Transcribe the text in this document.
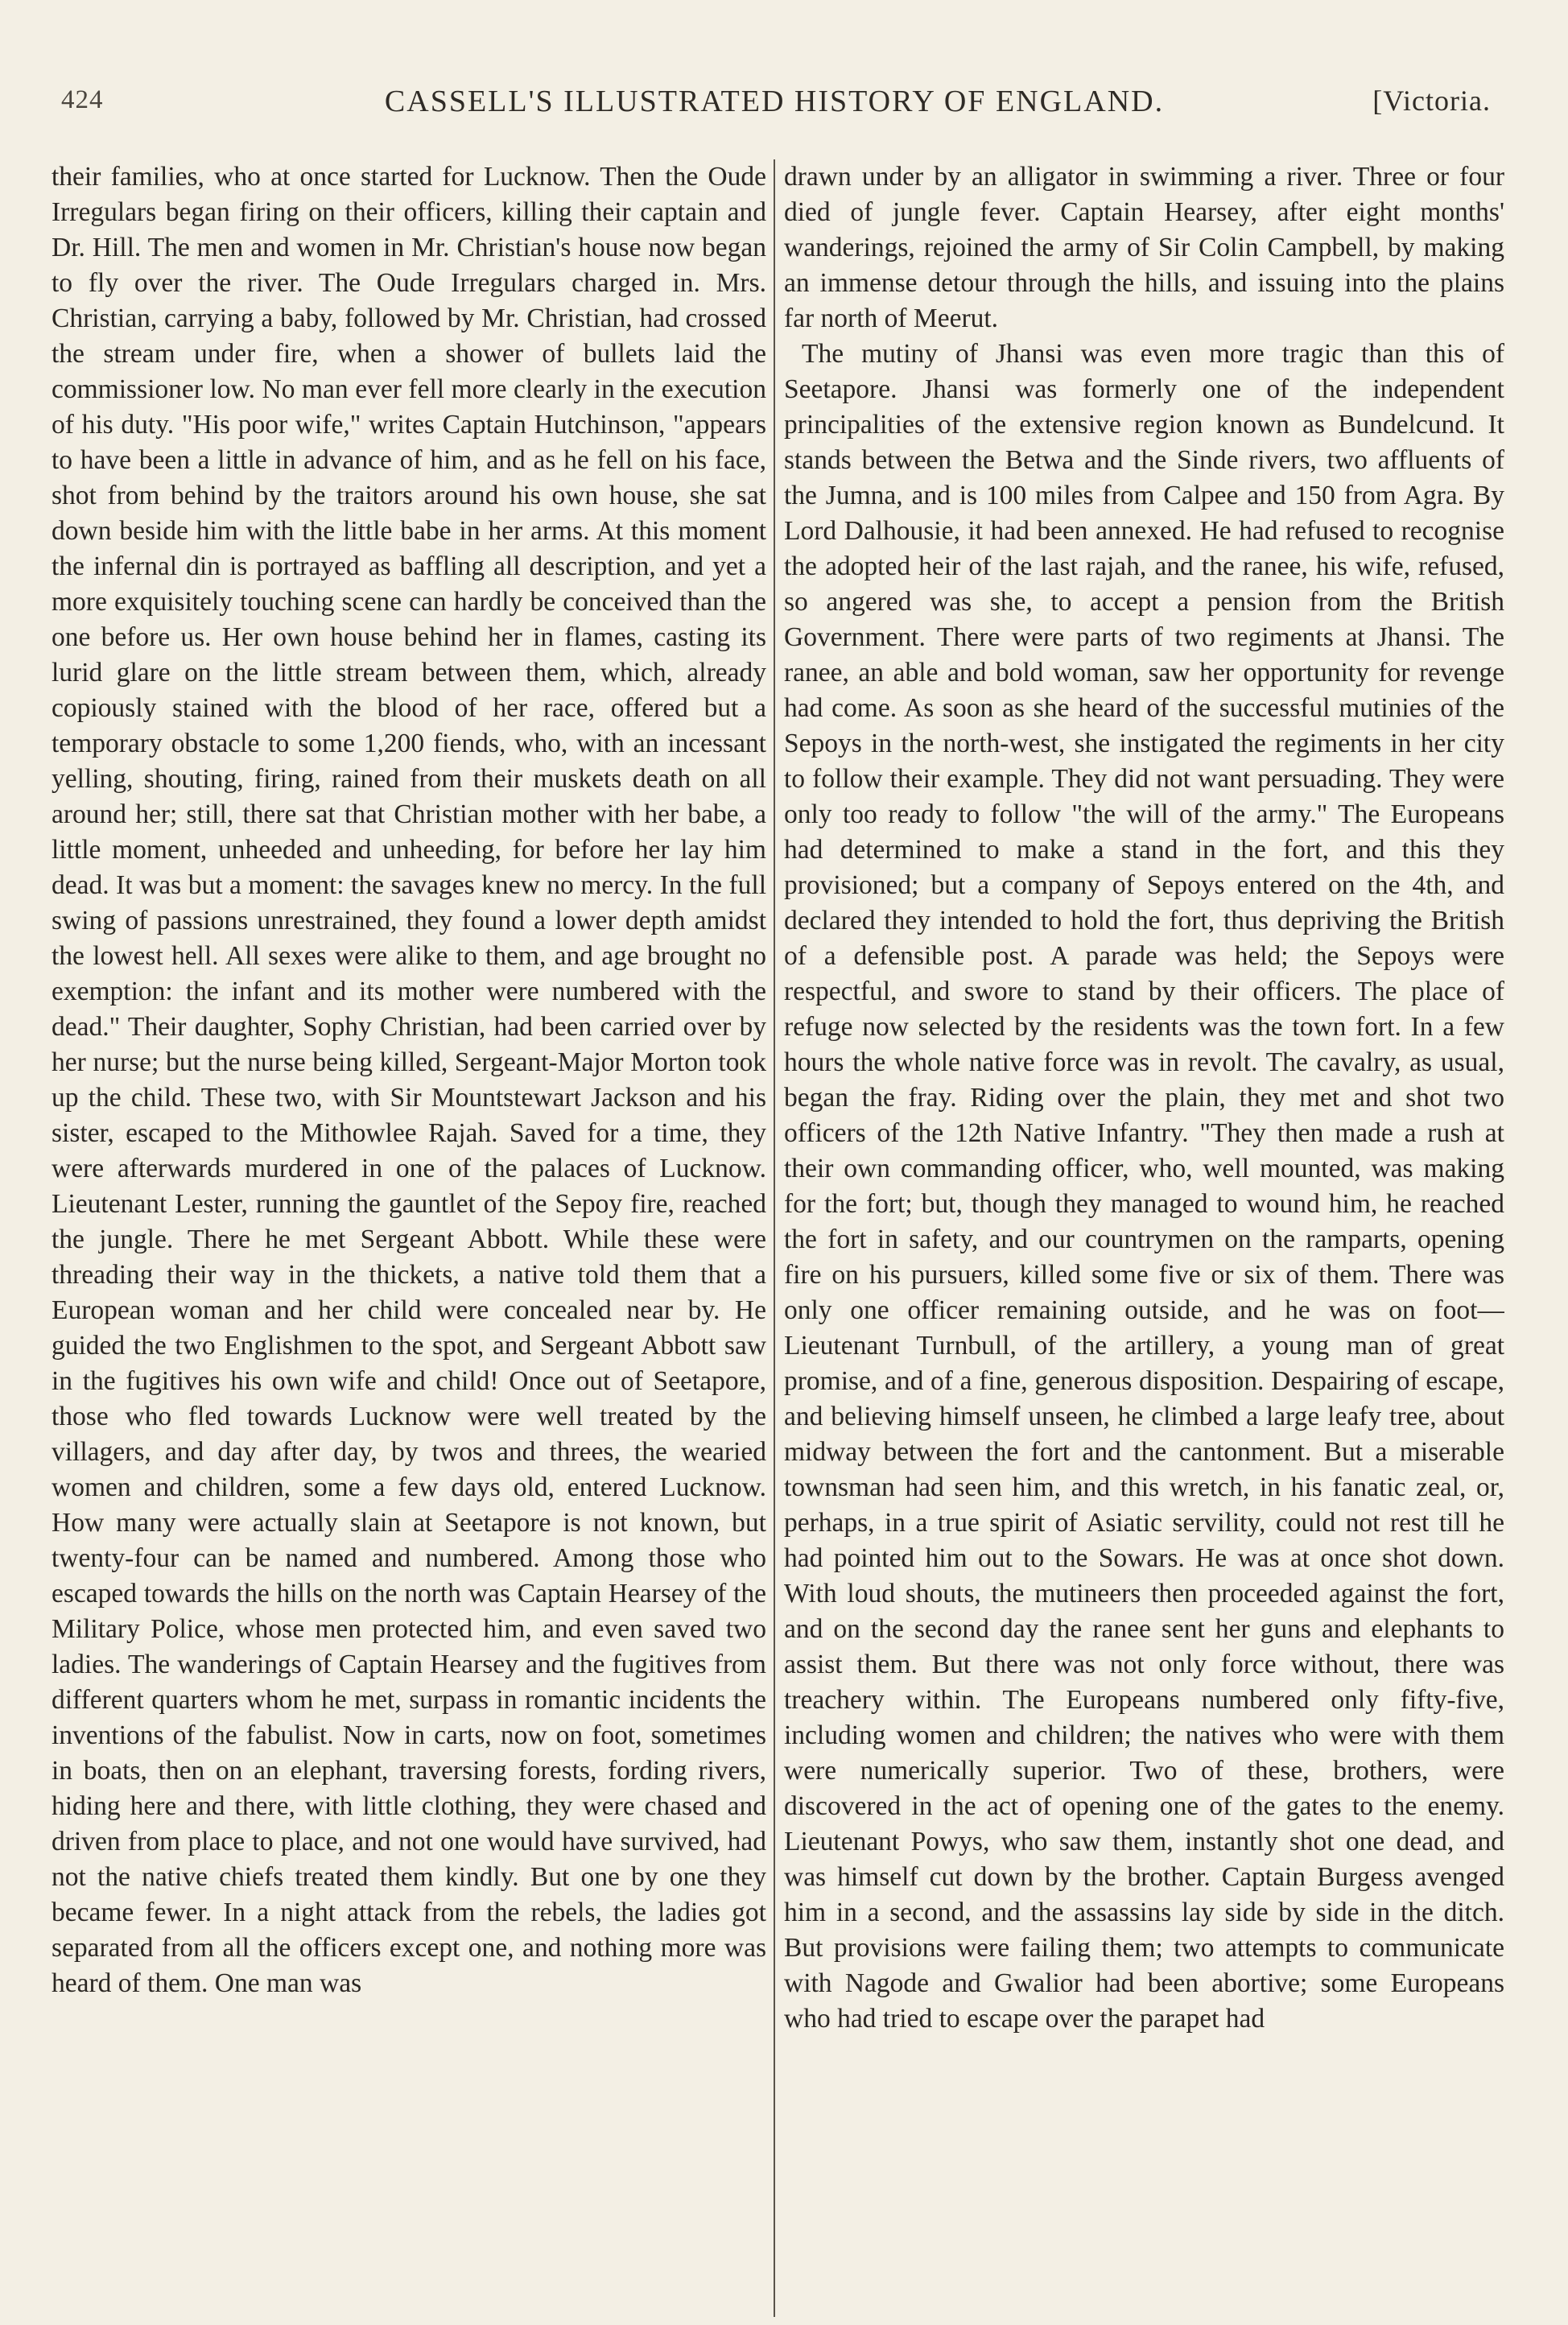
424	CASSELL'S ILLUSTRATED HISTORY OF ENGLAND.	[Victoria.

their families, who at once started for Lucknow. Then the Oude Irregulars began firing on their officers, killing their captain and Dr. Hill. The men and women in Mr. Christian's house now began to fly over the river. The Oude Irregulars charged in. Mrs. Christian, carrying a baby, followed by Mr. Christian, had crossed the stream under fire, when a shower of bullets laid the commissioner low. No man ever fell more clearly in the execution of his duty. "His poor wife," writes Captain Hutchinson, "appears to have been a little in advance of him, and as he fell on his face, shot from behind by the traitors around his own house, she sat down beside him with the little babe in her arms. At this moment the infernal din is portrayed as baffling all description, and yet a more exquisitely touching scene can hardly be conceived than the one before us. Her own house behind her in flames, casting its lurid glare on the little stream between them, which, already copiously stained with the blood of her race, offered but a temporary obstacle to some 1,200 fiends, who, with an incessant yelling, shouting, firing, rained from their muskets death on all around her; still, there sat that Christian mother with her babe, a little moment, unheeded and unheeding, for before her lay him dead. It was but a moment: the savages knew no mercy. In the full swing of passions unrestrained, they found a lower depth amidst the lowest hell. All sexes were alike to them, and age brought no exemption: the infant and its mother were numbered with the dead." Their daughter, Sophy Christian, had been carried over by her nurse; but the nurse being killed, Sergeant-Major Morton took up the child. These two, with Sir Mountstewart Jackson and his sister, escaped to the Mithowlee Rajah. Saved for a time, they were afterwards murdered in one of the palaces of Lucknow. Lieutenant Lester, running the gauntlet of the Sepoy fire, reached the jungle. There he met Sergeant Abbott. While these were threading their way in the thickets, a native told them that a European woman and her child were concealed near by. He guided the two Englishmen to the spot, and Sergeant Abbott saw in the fugitives his own wife and child! Once out of Seetapore, those who fled towards Lucknow were well treated by the villagers, and day after day, by twos and threes, the wearied women and children, some a few days old, entered Lucknow. How many were actually slain at Seetapore is not known, but twenty-four can be named and numbered. Among those who escaped towards the hills on the north was Captain Hearsey of the Military Police, whose men protected him, and even saved two ladies. The wanderings of Captain Hearsey and the fugitives from different quarters whom he met, surpass in romantic incidents the inventions of the fabulist. Now in carts, now on foot, sometimes in boats, then on an elephant, traversing forests, fording rivers, hiding here and there, with little clothing, they were chased and driven from place to place, and not one would have survived, had not the native chiefs treated them kindly. But one by one they became fewer. In a night attack from the rebels, the ladies got separated from all the officers except one, and nothing more was heard of them. One man was

drawn under by an alligator in swimming a river. Three or four died of jungle fever. Captain Hearsey, after eight months' wanderings, rejoined the army of Sir Colin Campbell, by making an immense detour through the hills, and issuing into the plains far north of Meerut.

The mutiny of Jhansi was even more tragic than this of Seetapore. Jhansi was formerly one of the independent principalities of the extensive region known as Bundelcund. It stands between the Betwa and the Sinde rivers, two affluents of the Jumna, and is 100 miles from Calpee and 150 from Agra. By Lord Dalhousie, it had been annexed. He had refused to recognise the adopted heir of the last rajah, and the ranee, his wife, refused, so angered was she, to accept a pension from the British Government. There were parts of two regiments at Jhansi. The ranee, an able and bold woman, saw her opportunity for revenge had come. As soon as she heard of the successful mutinies of the Sepoys in the north-west, she instigated the regiments in her city to follow their example. They did not want persuading. They were only too ready to follow "the will of the army." The Europeans had determined to make a stand in the fort, and this they provisioned; but a company of Sepoys entered on the 4th, and declared they intended to hold the fort, thus depriving the British of a defensible post. A parade was held; the Sepoys were respectful, and swore to stand by their officers. The place of refuge now selected by the residents was the town fort. In a few hours the whole native force was in revolt. The cavalry, as usual, began the fray. Riding over the plain, they met and shot two officers of the 12th Native Infantry. "They then made a rush at their own commanding officer, who, well mounted, was making for the fort; but, though they managed to wound him, he reached the fort in safety, and our countrymen on the ramparts, opening fire on his pursuers, killed some five or six of them. There was only one officer remaining outside, and he was on foot—Lieutenant Turnbull, of the artillery, a young man of great promise, and of a fine, generous disposition. Despairing of escape, and believing himself unseen, he climbed a large leafy tree, about midway between the fort and the cantonment. But a miserable townsman had seen him, and this wretch, in his fanatic zeal, or, perhaps, in a true spirit of Asiatic servility, could not rest till he had pointed him out to the Sowars. He was at once shot down. With loud shouts, the mutineers then proceeded against the fort, and on the second day the ranee sent her guns and elephants to assist them. But there was not only force without, there was treachery within. The Europeans numbered only fifty-five, including women and children; the natives who were with them were numerically superior. Two of these, brothers, were discovered in the act of opening one of the gates to the enemy. Lieutenant Powys, who saw them, instantly shot one dead, and was himself cut down by the brother. Captain Burgess avenged him in a second, and the assassins lay side by side in the ditch. But provisions were failing them; two attempts to communicate with Nagode and Gwalior had been abortive; some Europeans who had tried to escape over the parapet had
